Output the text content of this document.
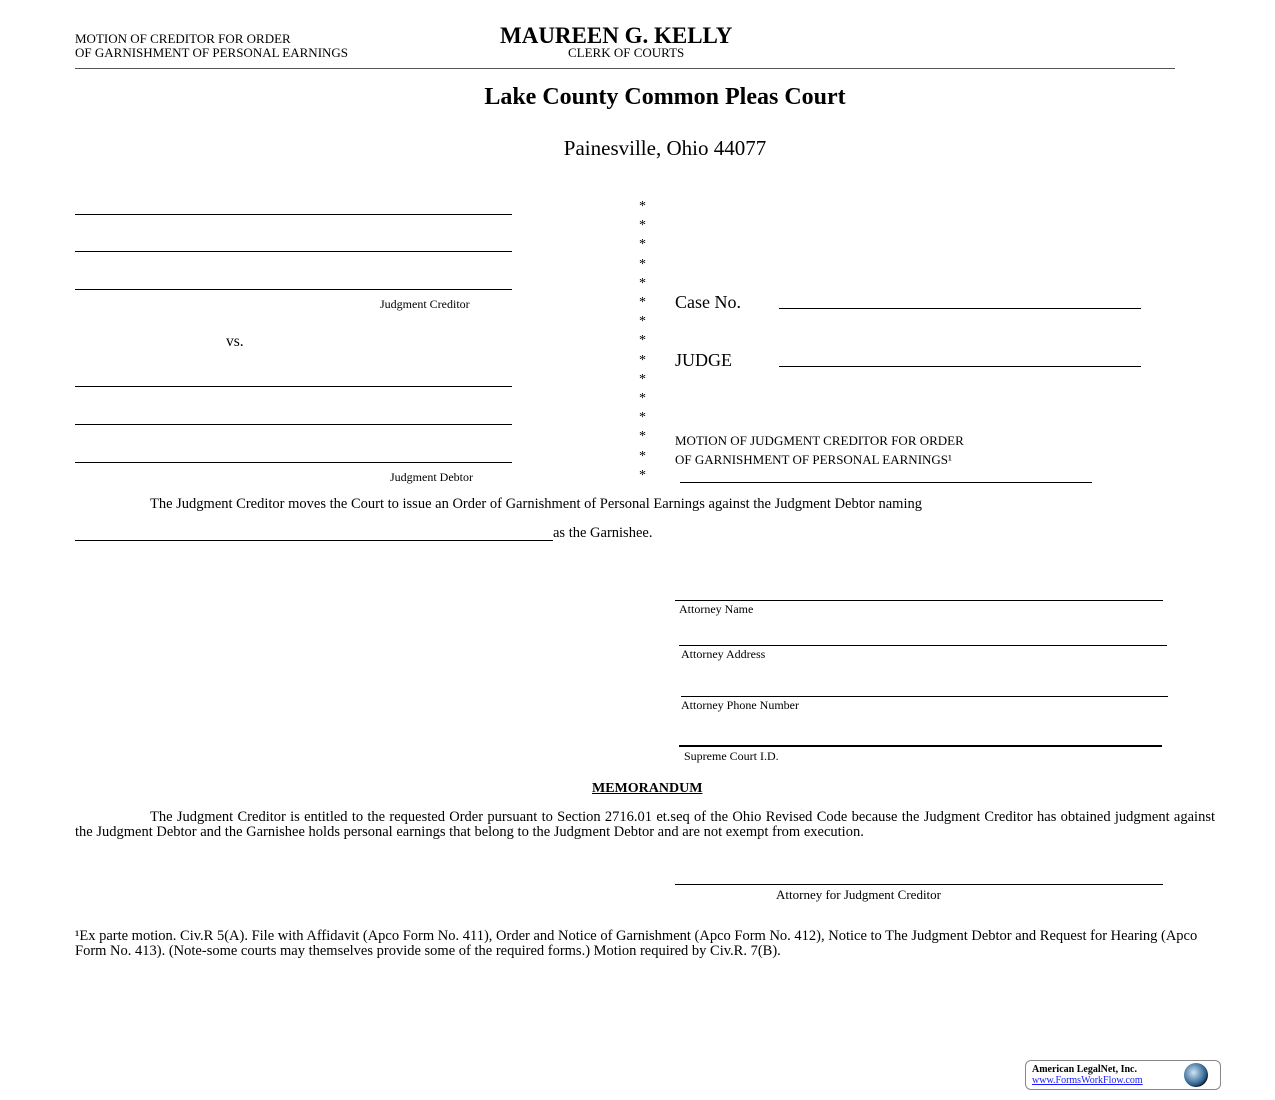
MOTION OF CREDITOR FOR ORDER
OF GARNISHMENT OF PERSONAL EARNINGS
MAUREEN G. KELLY
CLERK OF COURTS
Lake County Common Pleas Court
Painesville, Ohio 44077
Judgment Creditor
vs.
Judgment Debtor
*
*
*
*
*
*
*
*
*
*
*
*
*
*
*
Case No.
JUDGE
MOTION OF JUDGMENT CREDITOR FOR ORDER
OF GARNISHMENT OF PERSONAL EARNINGS¹
The Judgment Creditor moves the Court to issue an Order of Garnishment of Personal Earnings against the Judgment Debtor naming
as the Garnishee.
Attorney Name
Attorney Address
Attorney Phone Number
Supreme Court I.D.
MEMORANDUM
The Judgment Creditor is entitled to the requested Order pursuant to Section 2716.01 et.seq of the Ohio Revised Code because the Judgment Creditor has obtained judgment against the Judgment Debtor and the Garnishee holds personal earnings that belong to the Judgment Debtor and are not exempt from execution.
Attorney for Judgment Creditor
¹Ex parte motion. Civ.R 5(A). File with Affidavit (Apco Form No. 411), Order and Notice of Garnishment (Apco Form No. 412), Notice to The Judgment Debtor and Request for Hearing (Apco Form No. 413). (Note-some courts may themselves provide some of the required forms.) Motion required by Civ.R. 7(B).
American LegalNet, Inc.
www.FormsWorkFlow.com
